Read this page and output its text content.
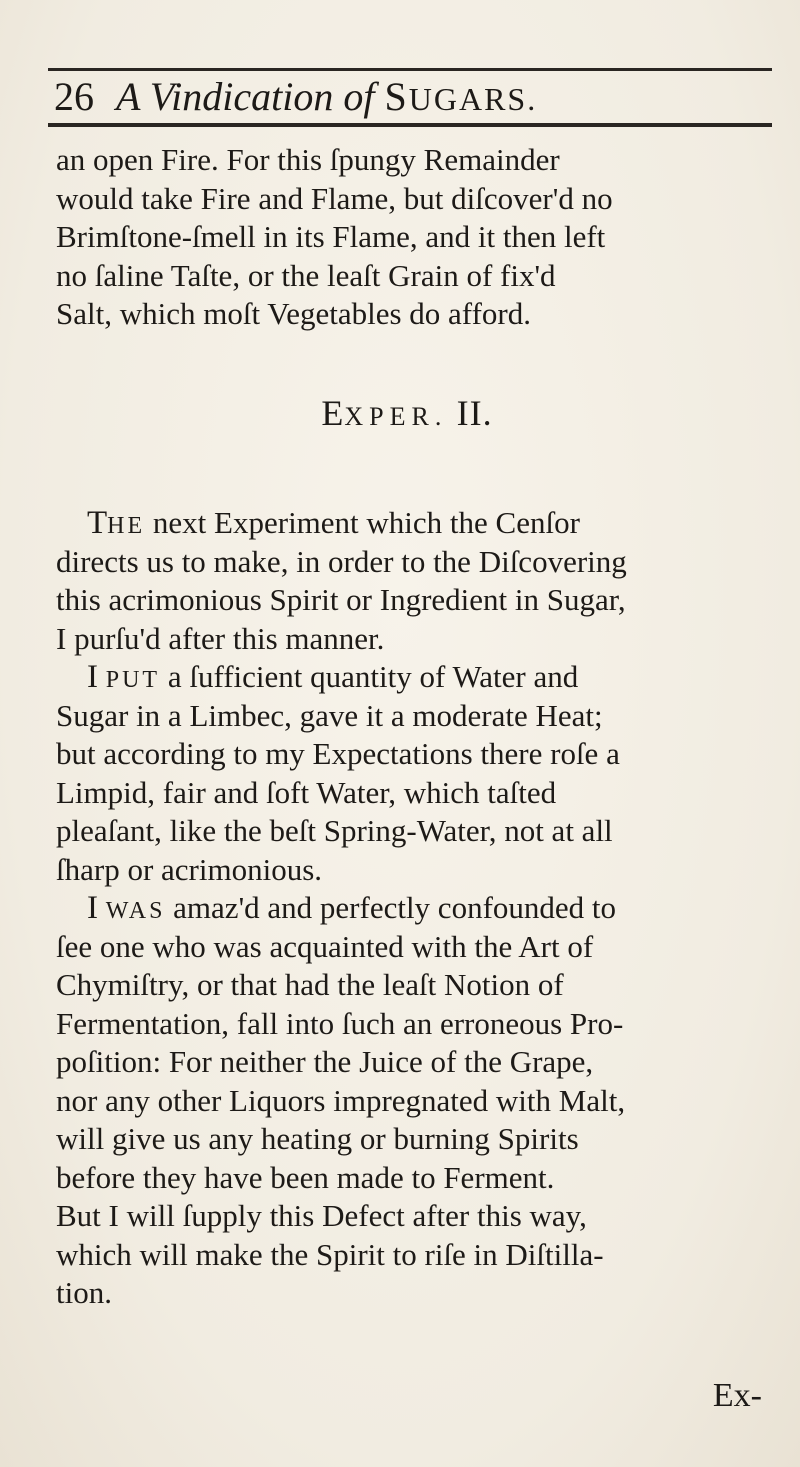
26 A Vindication of SUGARS.
an open Fire. For this ſpungy Remainder
would take Fire and Flame, but diſcover'd no
Brimſtone-ſmell in its Flame, and it then left
no ſaline Taſte, or the leaſt Grain of fix'd
Salt, which moſt Vegetables do afford.
EXPER. II.
THE next Experiment which the Cenſor
directs us to make, in order to the Diſcovering
this acrimonious Spirit or Ingredient in Sugar,
I purſu'd after this manner.
I PUT a ſufficient quantity of Water and
Sugar in a Limbec, gave it a moderate Heat;
but according to my Expectations there roſe a
Limpid, fair and ſoft Water, which taſted
pleaſant, like the beſt Spring-Water, not at all
ſharp or acrimonious.
I WAS amaz'd and perfectly confounded to
ſee one who was acquainted with the Art of
Chymiſtry, or that had the leaſt Notion of
Fermentation, fall into ſuch an erroneous Pro-
poſition: For neither the Juice of the Grape,
nor any other Liquors impregnated with Malt,
will give us any heating or burning Spirits
before they have been made to Ferment.
But I will ſupply this Defect after this way,
which will make the Spirit to riſe in Diſtilla-
tion.
Ex-
